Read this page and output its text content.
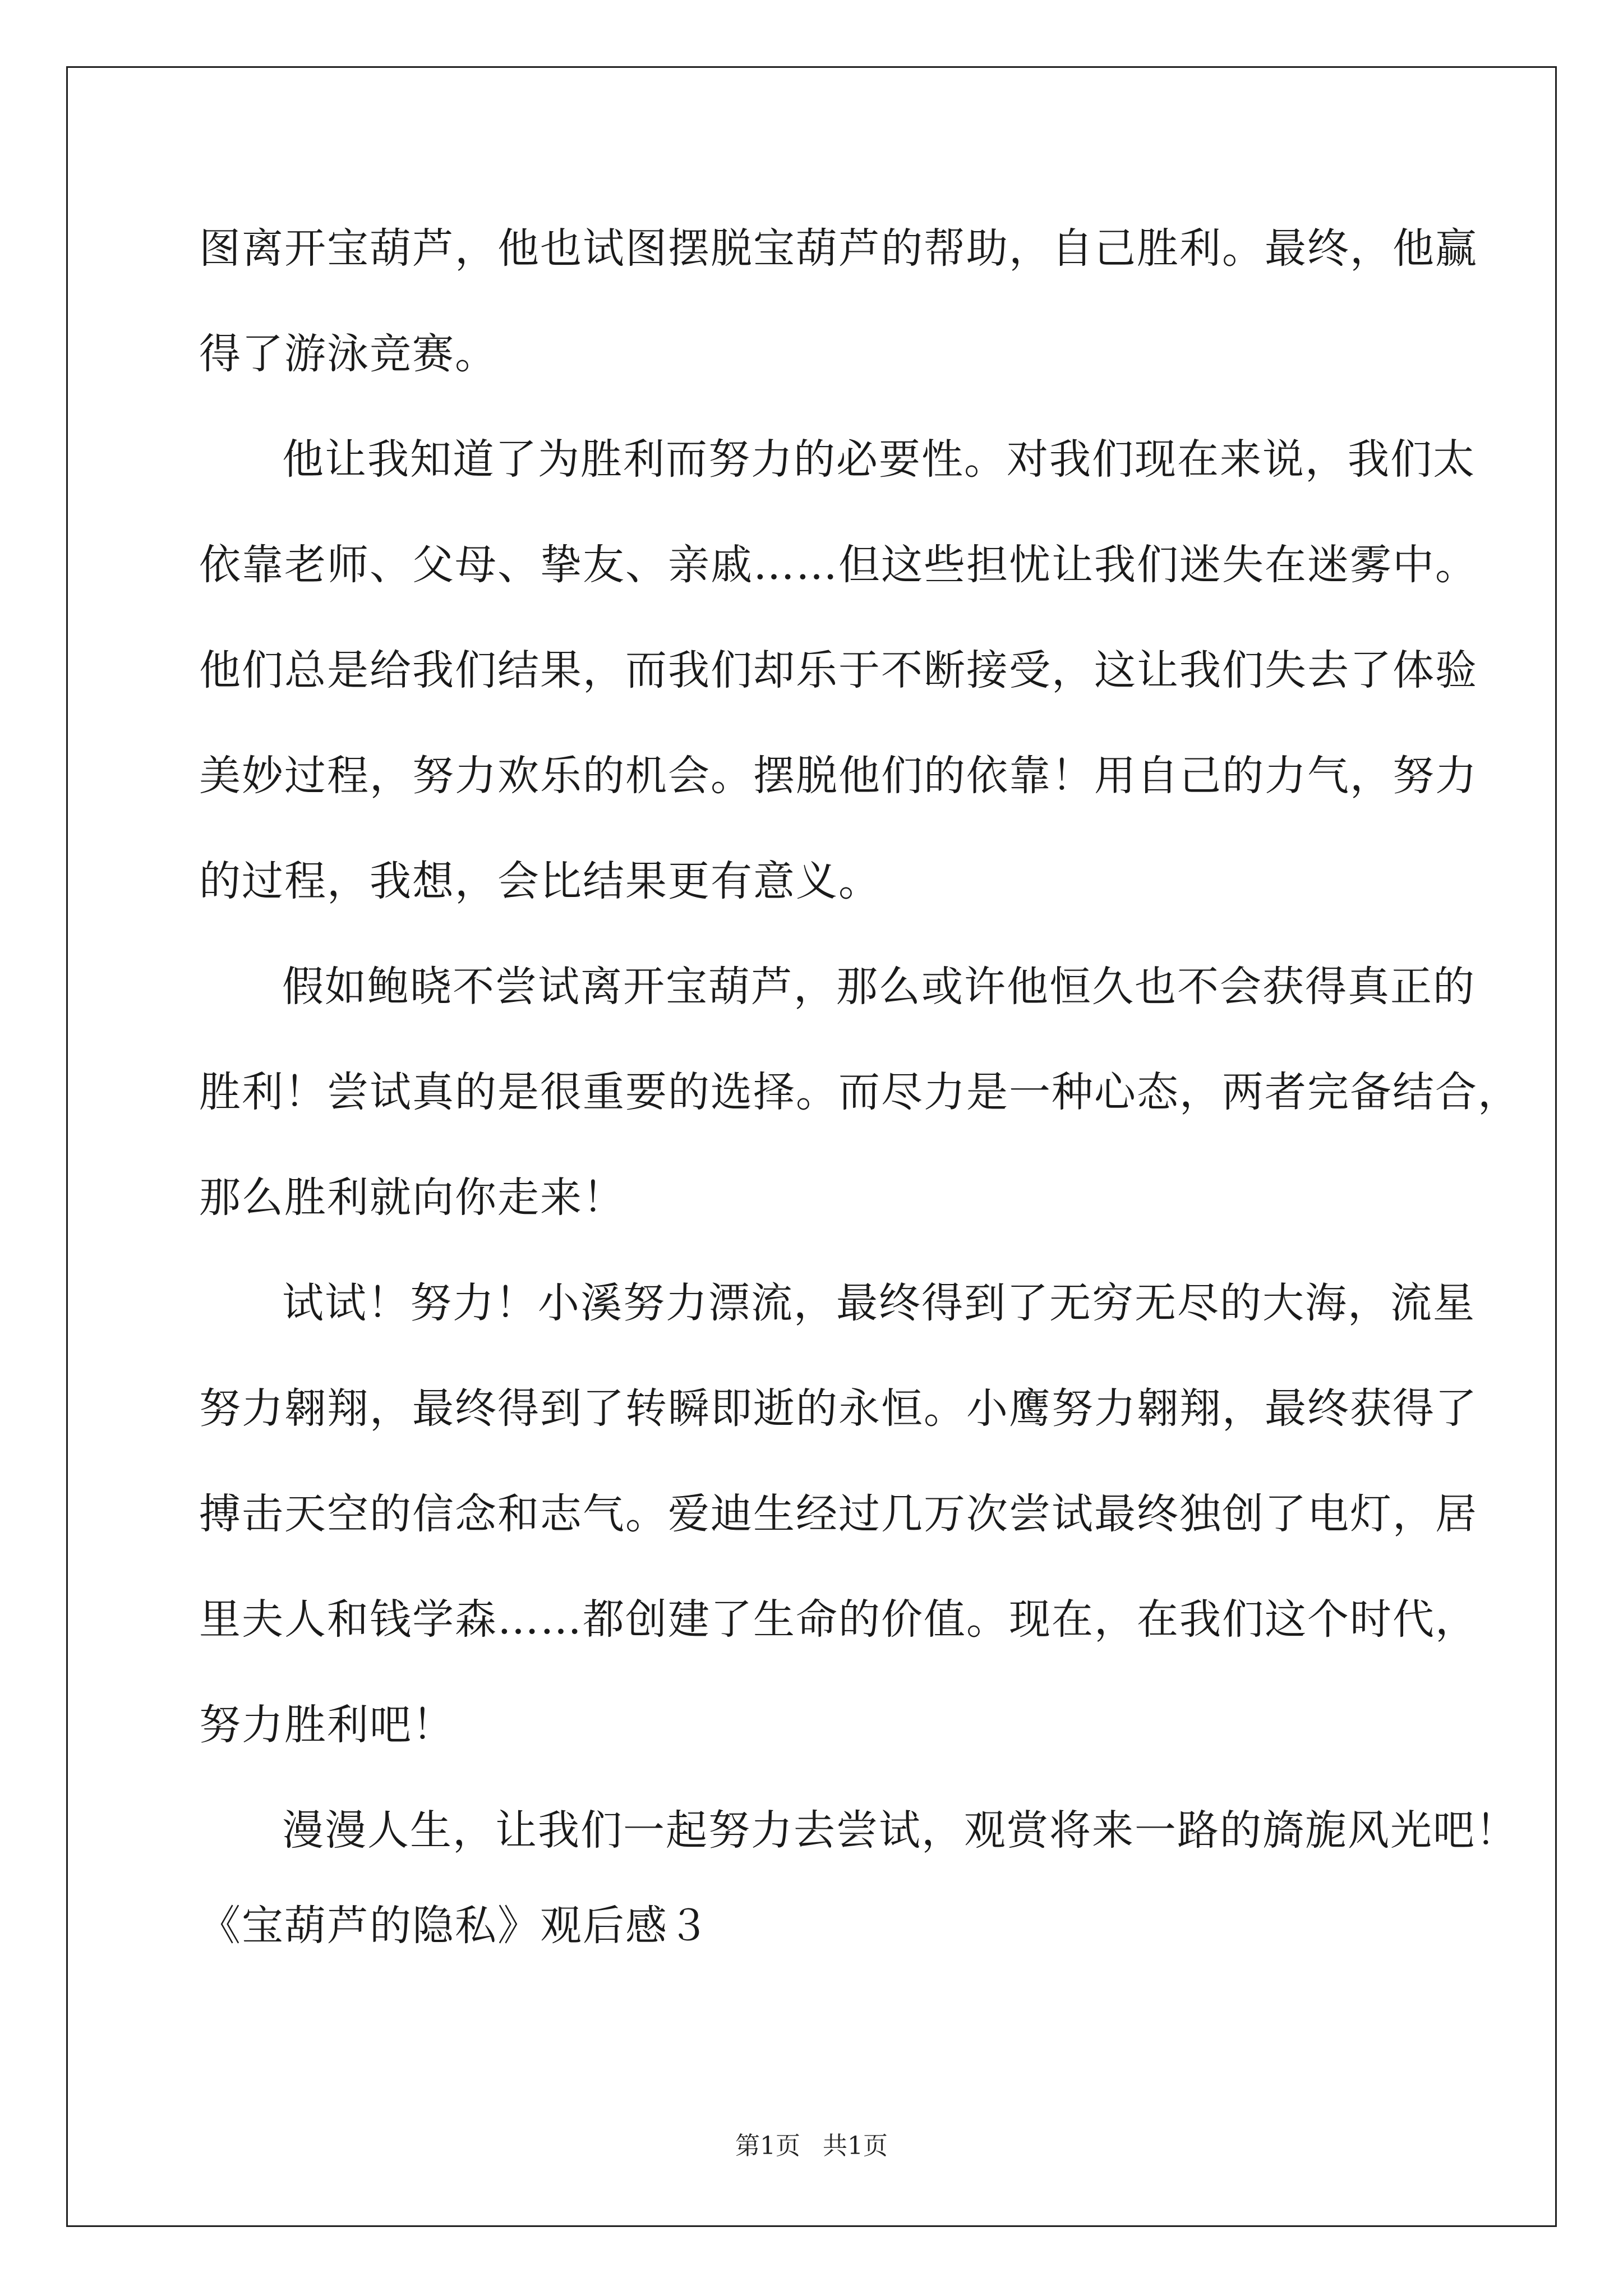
图离开宝葫芦，他也试图摆脱宝葫芦的帮助，自己胜利。最终，他赢
得了游泳竞赛。
他让我知道了为胜利而努力的必要性。对我们现在来说，我们太
依靠老师、父母、挚友、亲戚……但这些担忧让我们迷失在迷雾中。
他们总是给我们结果，而我们却乐于不断接受，这让我们失去了体验
美妙过程，努力欢乐的机会。摆脱他们的依靠！用自己的力气，努力
的过程，我想，会比结果更有意义。
假如鲍晓不尝试离开宝葫芦，那么或许他恒久也不会获得真正的
胜利！尝试真的是很重要的选择。而尽力是一种心态，两者完备结合，
那么胜利就向你走来！
试试！努力！小溪努力漂流，最终得到了无穷无尽的大海，流星
努力翱翔，最终得到了转瞬即逝的永恒。小鹰努力翱翔，最终获得了
搏击天空的信念和志气。爱迪生经过几万次尝试最终独创了电灯，居
里夫人和钱学森……都创建了生命的价值。现在，在我们这个时代，
努力胜利吧！
漫漫人生，让我们一起努力去尝试，观赏将来一路的旖旎风光吧！
《宝葫芦的隐私》观后感３
第1页 共1页
